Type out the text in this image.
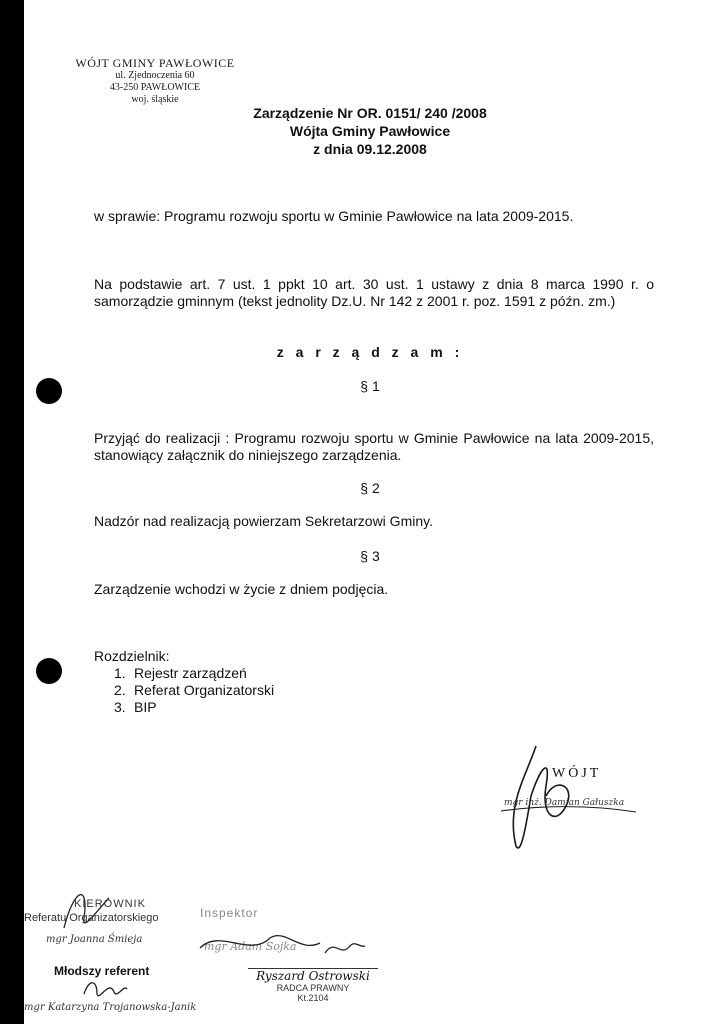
WÓJT GMINY PAWŁOWICE
ul. Zjednoczenia 60
43-250 PAWŁOWICE
woj. śląskie
Zarządzenie Nr OR. 0151/ 240 /2008
Wójta Gminy Pawłowice
z dnia 09.12.2008
w sprawie: Programu rozwoju sportu w Gminie Pawłowice na lata 2009-2015.
Na podstawie art. 7 ust. 1 ppkt 10 art. 30 ust. 1 ustawy z dnia 8 marca 1990 r. o samorządzie gminnym (tekst jednolity Dz.U. Nr 142 z 2001 r. poz. 1591 z późn. zm.)
z a r z ą d z a m :
§ 1
Przyjąć do realizacji : Programu rozwoju sportu w Gminie Pawłowice na lata 2009-2015, stanowiący załącznik do niniejszego zarządzenia.
§ 2
Nadzór nad realizacją powierzam Sekretarzowi Gminy.
§ 3
Zarządzenie wchodzi w życie z dniem podjęcia.
Rozdzielnik:
1. Rejestr zarządzeń
2. Referat Organizatorski
3. BIP
WÓJT
mgr inż. Damian Gałuszka
KIEROWNIK
Referatu Organizatorskiego
mgr Joanna Śmieja
Młodszy referent
mgr Katarzyna Trojanowska-Janik
Inspektor
mgr Adam Sojka
Ryszard Ostrowski
RADCA PRAWNY
Kt.2104
